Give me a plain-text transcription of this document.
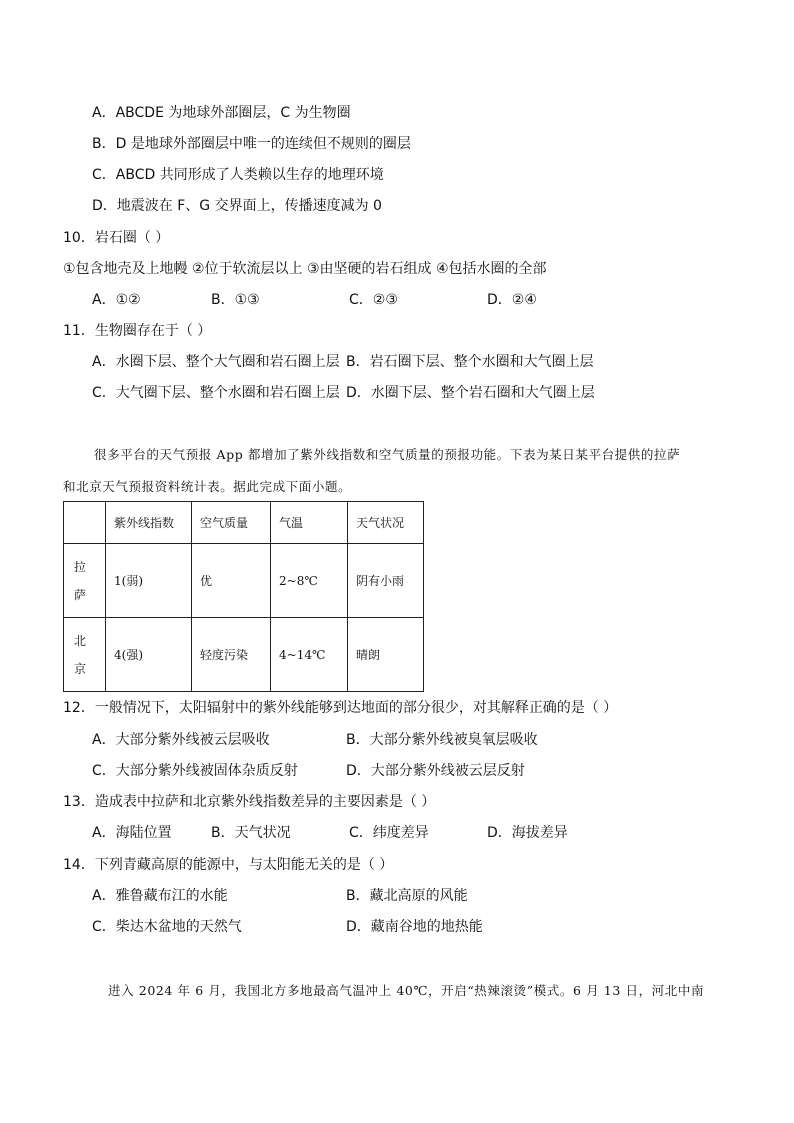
A．ABCDE 为地球外部圈层，C 为生物圈
B．D 是地球外部圈层中唯一的连续但不规则的圈层
C．ABCD 共同形成了人类赖以生存的地理环境
D．地震波在 F、G 交界面上，传播速度减为 0
10．岩石圈（ ）
①包含地壳及上地幔 ②位于软流层以上 ③由坚硬的岩石组成 ④包括水圈的全部
A．①②	B．①③	C．②③	D．②④
11．生物圈存在于（ ）
A．水圈下层、整个大气圈和岩石圈上层 B．岩石圈下层、整个水圈和大气圈上层
C．大气圈下层、整个水圈和岩石圈上层 D．水圈下层、整个岩石圈和大气圈上层
很多平台的天气预报 App 都增加了紫外线指数和空气质量的预报功能。下表为某日某平台提供的拉萨
和北京天气预报资料统计表。据此完成下面小题。
	紫外线指数	空气质量	气温	天气状况

拉萨	1(弱)	优	2~8℃	阴有小雨

北京	4(强)	轻度污染	4~14℃	晴朗
12．一般情况下，太阳辐射中的紫外线能够到达地面的部分很少，对其解释正确的是（ ）
A．大部分紫外线被云层吸收	B．大部分紫外线被臭氧层吸收
C．大部分紫外线被固体杂质反射	D．大部分紫外线被云层反射
13．造成表中拉萨和北京紫外线指数差异的主要因素是（ ）
A．海陆位置	B．天气状况	C．纬度差异	D．海拔差异
14．下列青藏高原的能源中，与太阳能无关的是（ ）
A．雅鲁藏布江的水能	B．藏北高原的风能
C．柴达木盆地的天然气	D．藏南谷地的地热能
进入 2024 年 6 月，我国北方多地最高气温冲上 40℃，开启“热辣滚烫”模式。6 月 13 日，河北中南
